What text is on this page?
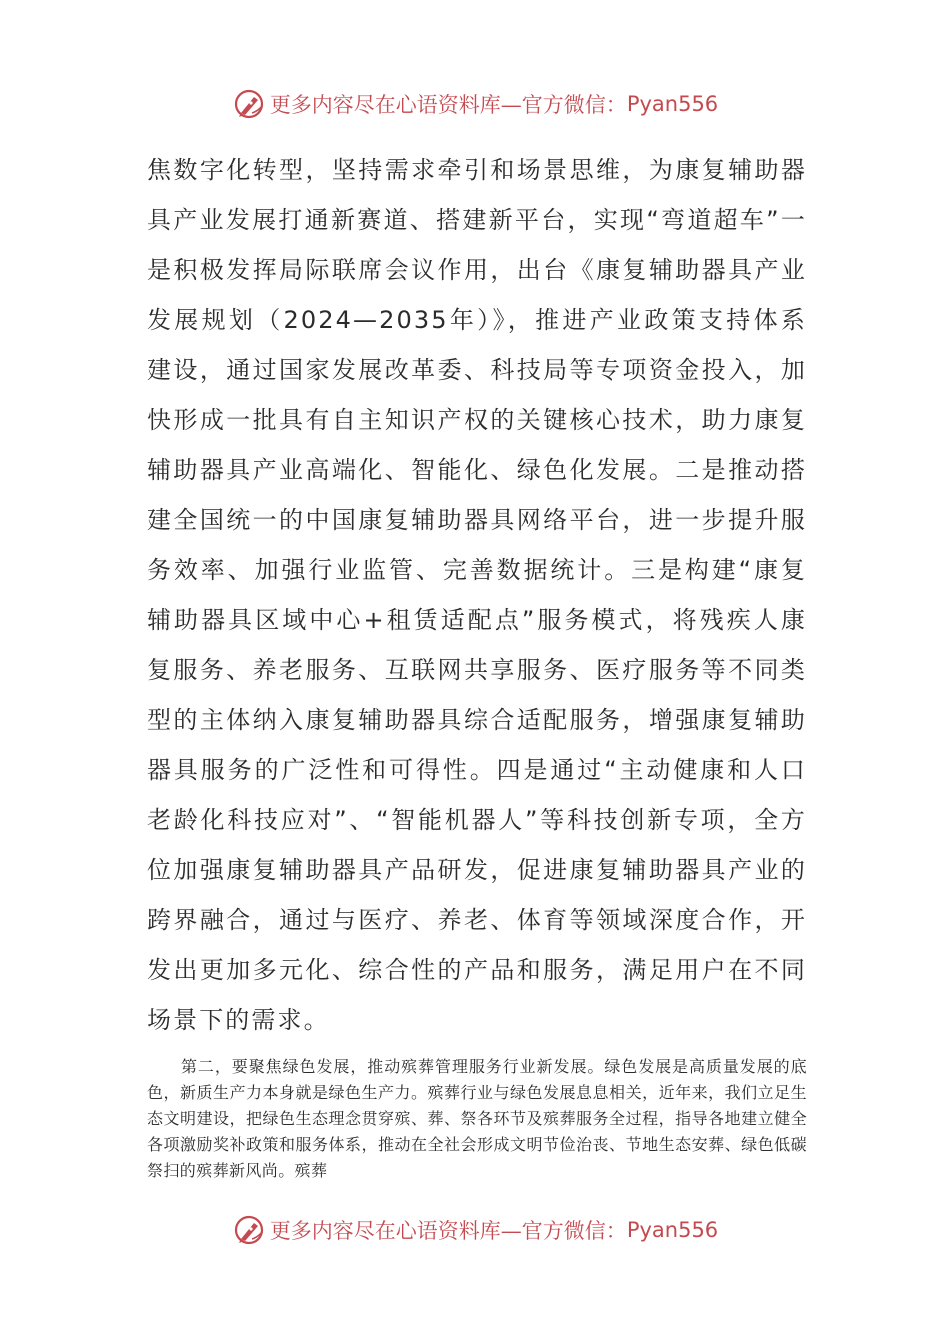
更多内容尽在心语资料库—官方微信： Pyan556

焦数字化转型，坚持需求牵引和场景思维，为康复辅助器具产业发展打通新赛道、搭建新平台，实现“弯道超车”一是积极发挥局际联席会议作用，出台《康复辅助器具产业发展规划（2024—2035年）》，推进产业政策支持体系建设，通过国家发展改革委、科技局等专项资金投入，加快形成一批具有自主知识产权的关键核心技术，助力康复辅助器具产业高端化、智能化、绿色化发展。二是推动搭建全国统一的中国康复辅助器具网络平台，进一步提升服务效率、加强行业监管、完善数据统计。三是构建“康复辅助器具区域中心+租赁适配点”服务模式，将残疾人康复服务、养老服务、互联网共享服务、医疗服务等不同类型的主体纳入康复辅助器具综合适配服务，增强康复辅助器具服务的广泛性和可得性。四是通过“主动健康和人口老龄化科技应对”、“智能机器人”等科技创新专项，全方位加强康复辅助器具产品研发，促进康复辅助器具产业的跨界融合，通过与医疗、养老、体育等领域深度合作，开发出更加多元化、综合性的产品和服务，满足用户在不同场景下的需求。

第二，要聚焦绿色发展，推动殡葬管理服务行业新发展。绿色发展是高质量发展的底色，新质生产力本身就是绿色生产力。殡葬行业与绿色发展息息相关，近年来，我们立足生态文明建设，把绿色生态理念贯穿殡、葬、祭各环节及殡葬服务全过程，指导各地建立健全各项激励奖补政策和服务体系，推动在全社会形成文明节俭治丧、节地生态安葬、绿色低碳祭扫的殡葬新风尚。殡葬

更多内容尽在心语资料库—官方微信： Pyan556
